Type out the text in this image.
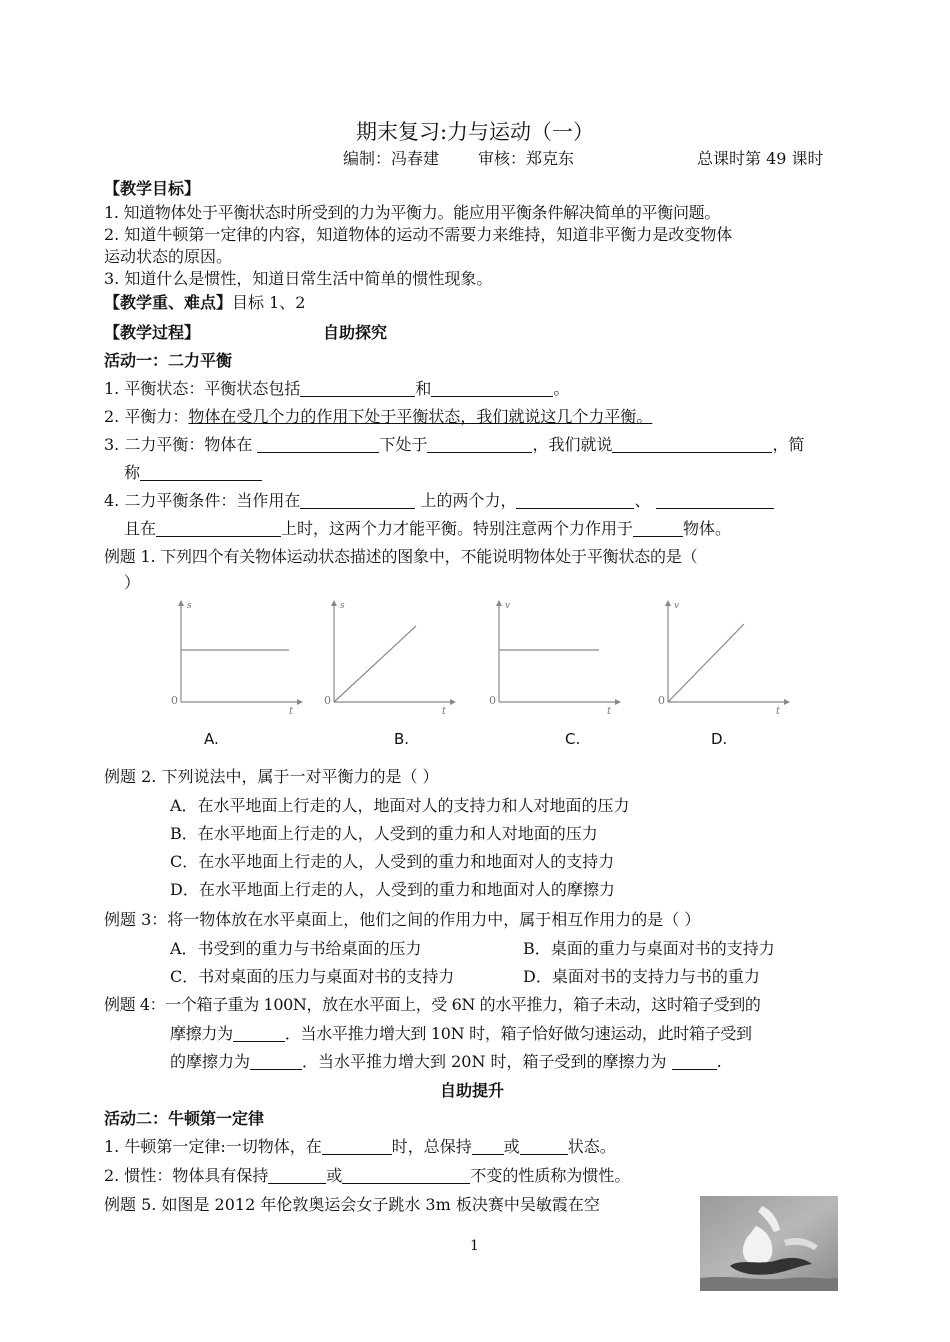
期末复习:力与运动（一）
编制：冯春建 审核：郑克东	总课时第 49 课时
【教学目标】
1. 知道物体处于平衡状态时所受到的力为平衡力。能应用平衡条件解决简单的平衡问题。
2. 知道牛顿第一定律的内容，知道物体的运动不需要力来维持，知道非平衡力是改变物体
运动状态的原因。
3. 知道什么是惯性，知道日常生活中简单的惯性现象。
【教学重、难点】目标 1、2
【教学过程】	自助探究
活动一：二力平衡
1. 平衡状态：平衡状态包括	和	。
2. 平衡力：物体在受几个力的作用下处于平衡状态，我们就说这几个力平衡。
3. 二力平衡：物体在	下处于	，我们就说	，简
称
4. 二力平衡条件：当作用在	上的两个力，	、
且在	上时，这两个力才能平衡。特别注意两个力作用于	物体。
例题 1. 下列四个有关物体运动状态描述的图象中，不能说明物体处于平衡状态的是（
）
s
t
0
s
t
0
v
t
0
v
t
0
A.	B.	C.	D.
例题 2. 下列说法中，属于一对平衡力的是（ ）
A．在水平地面上行走的人，地面对人的支持力和人对地面的压力
B．在水平地面上行走的人，人受到的重力和人对地面的压力
C．在水平地面上行走的人，人受到的重力和地面对人的支持力
D．在水平地面上行走的人，人受到的重力和地面对人的摩擦力
例题 3：将一物体放在水平桌面上，他们之间的作用力中，属于相互作用力的是（ ）
A．书受到的重力与书给桌面的压力	B．桌面的重力与桌面对书的支持力
C．书对桌面的压力与桌面对书的支持力	D．桌面对书的支持力与书的重力
例题 4：一个箱子重为 100N，放在水平面上，受 6N 的水平推力，箱子未动，这时箱子受到的
摩擦力为	．当水平推力增大到 10N 时，箱子恰好做匀速运动，此时箱子受到
的摩擦力为	．当水平推力增大到 20N 时，箱子受到的摩擦力为	.
自助提升
活动二：牛顿第一定律
1. 牛顿第一定律:一切物体，在	时，总保持 或	状态。
2. 惯性：物体具有保持	或	不变的性质称为惯性。
例题 5. 如图是 2012 年伦敦奥运会女子跳水 3m 板决赛中吴敏霞在空
1
